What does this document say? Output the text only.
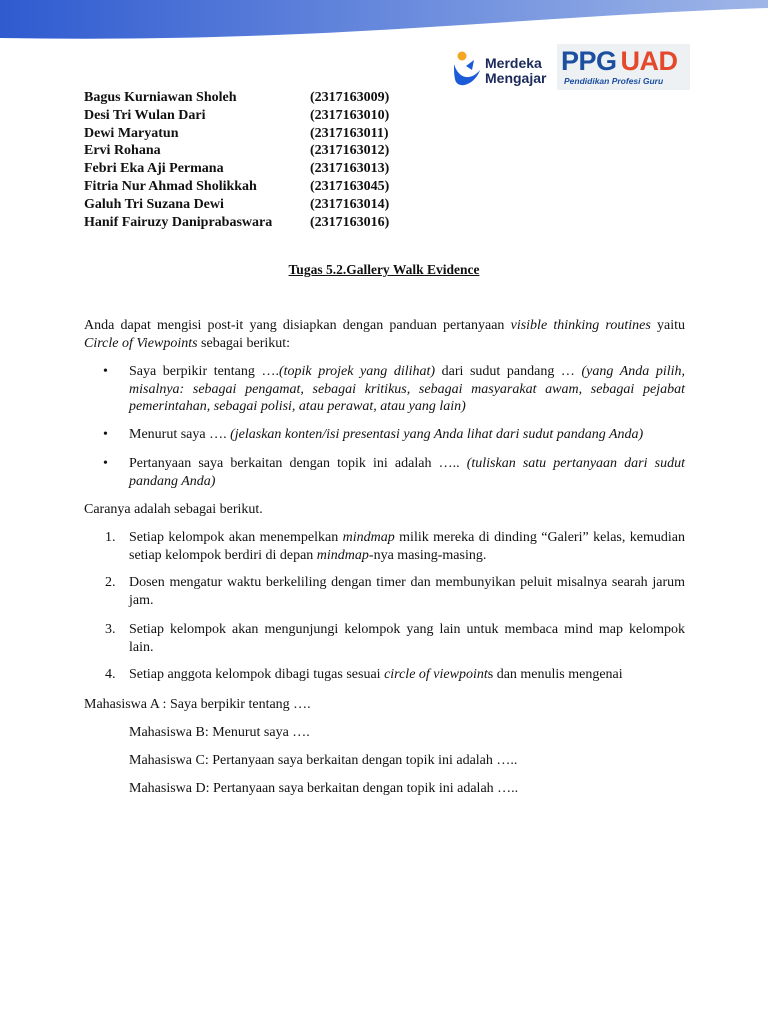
Merdeka
Mengajar
PPG UAD
Pendidikan Profesi Guru
Bagus Kurniawan Sholeh	(2317163009)
Desi Tri Wulan Dari	(2317163010)
Dewi Maryatun	(2317163011)
Ervi Rohana	(2317163012)
Febri Eka Aji Permana	(2317163013)
Fitria Nur Ahmad Sholikkah	(2317163045)
Galuh Tri Suzana Dewi	(2317163014)
Hanif Fairuzy Daniprabaswara	(2317163016)
Tugas 5.2.Gallery Walk Evidence
Anda dapat mengisi post-it yang disiapkan dengan panduan pertanyaan visible thinking routines yaitu Circle of Viewpoints sebagai berikut:
• Saya berpikir tentang ….(topik projek yang dilihat) dari sudut pandang … (yang Anda pilih, misalnya: sebagai pengamat, sebagai kritikus, sebagai masyarakat awam, sebagai pejabat pemerintahan, sebagai polisi, atau perawat, atau yang lain)
• Menurut saya …. (jelaskan konten/isi presentasi yang Anda lihat dari sudut pandang Anda)
• Pertanyaan saya berkaitan dengan topik ini adalah ….. (tuliskan satu pertanyaan dari sudut pandang Anda)
Caranya adalah sebagai berikut.
1. Setiap kelompok akan menempelkan mindmap milik mereka di dinding “Galeri” kelas, kemudian setiap kelompok berdiri di depan mindmap-nya masing-masing.
2. Dosen mengatur waktu berkeliling dengan timer dan membunyikan peluit misalnya searah jarum jam.
3. Setiap kelompok akan mengunjungi kelompok yang lain untuk membaca mind map kelompok lain.
4. Setiap anggota kelompok dibagi tugas sesuai circle of viewpoints dan menulis mengenai
Mahasiswa A : Saya berpikir tentang ….
Mahasiswa B: Menurut saya ….
Mahasiswa C: Pertanyaan saya berkaitan dengan topik ini adalah …..
Mahasiswa D: Pertanyaan saya berkaitan dengan topik ini adalah …..
